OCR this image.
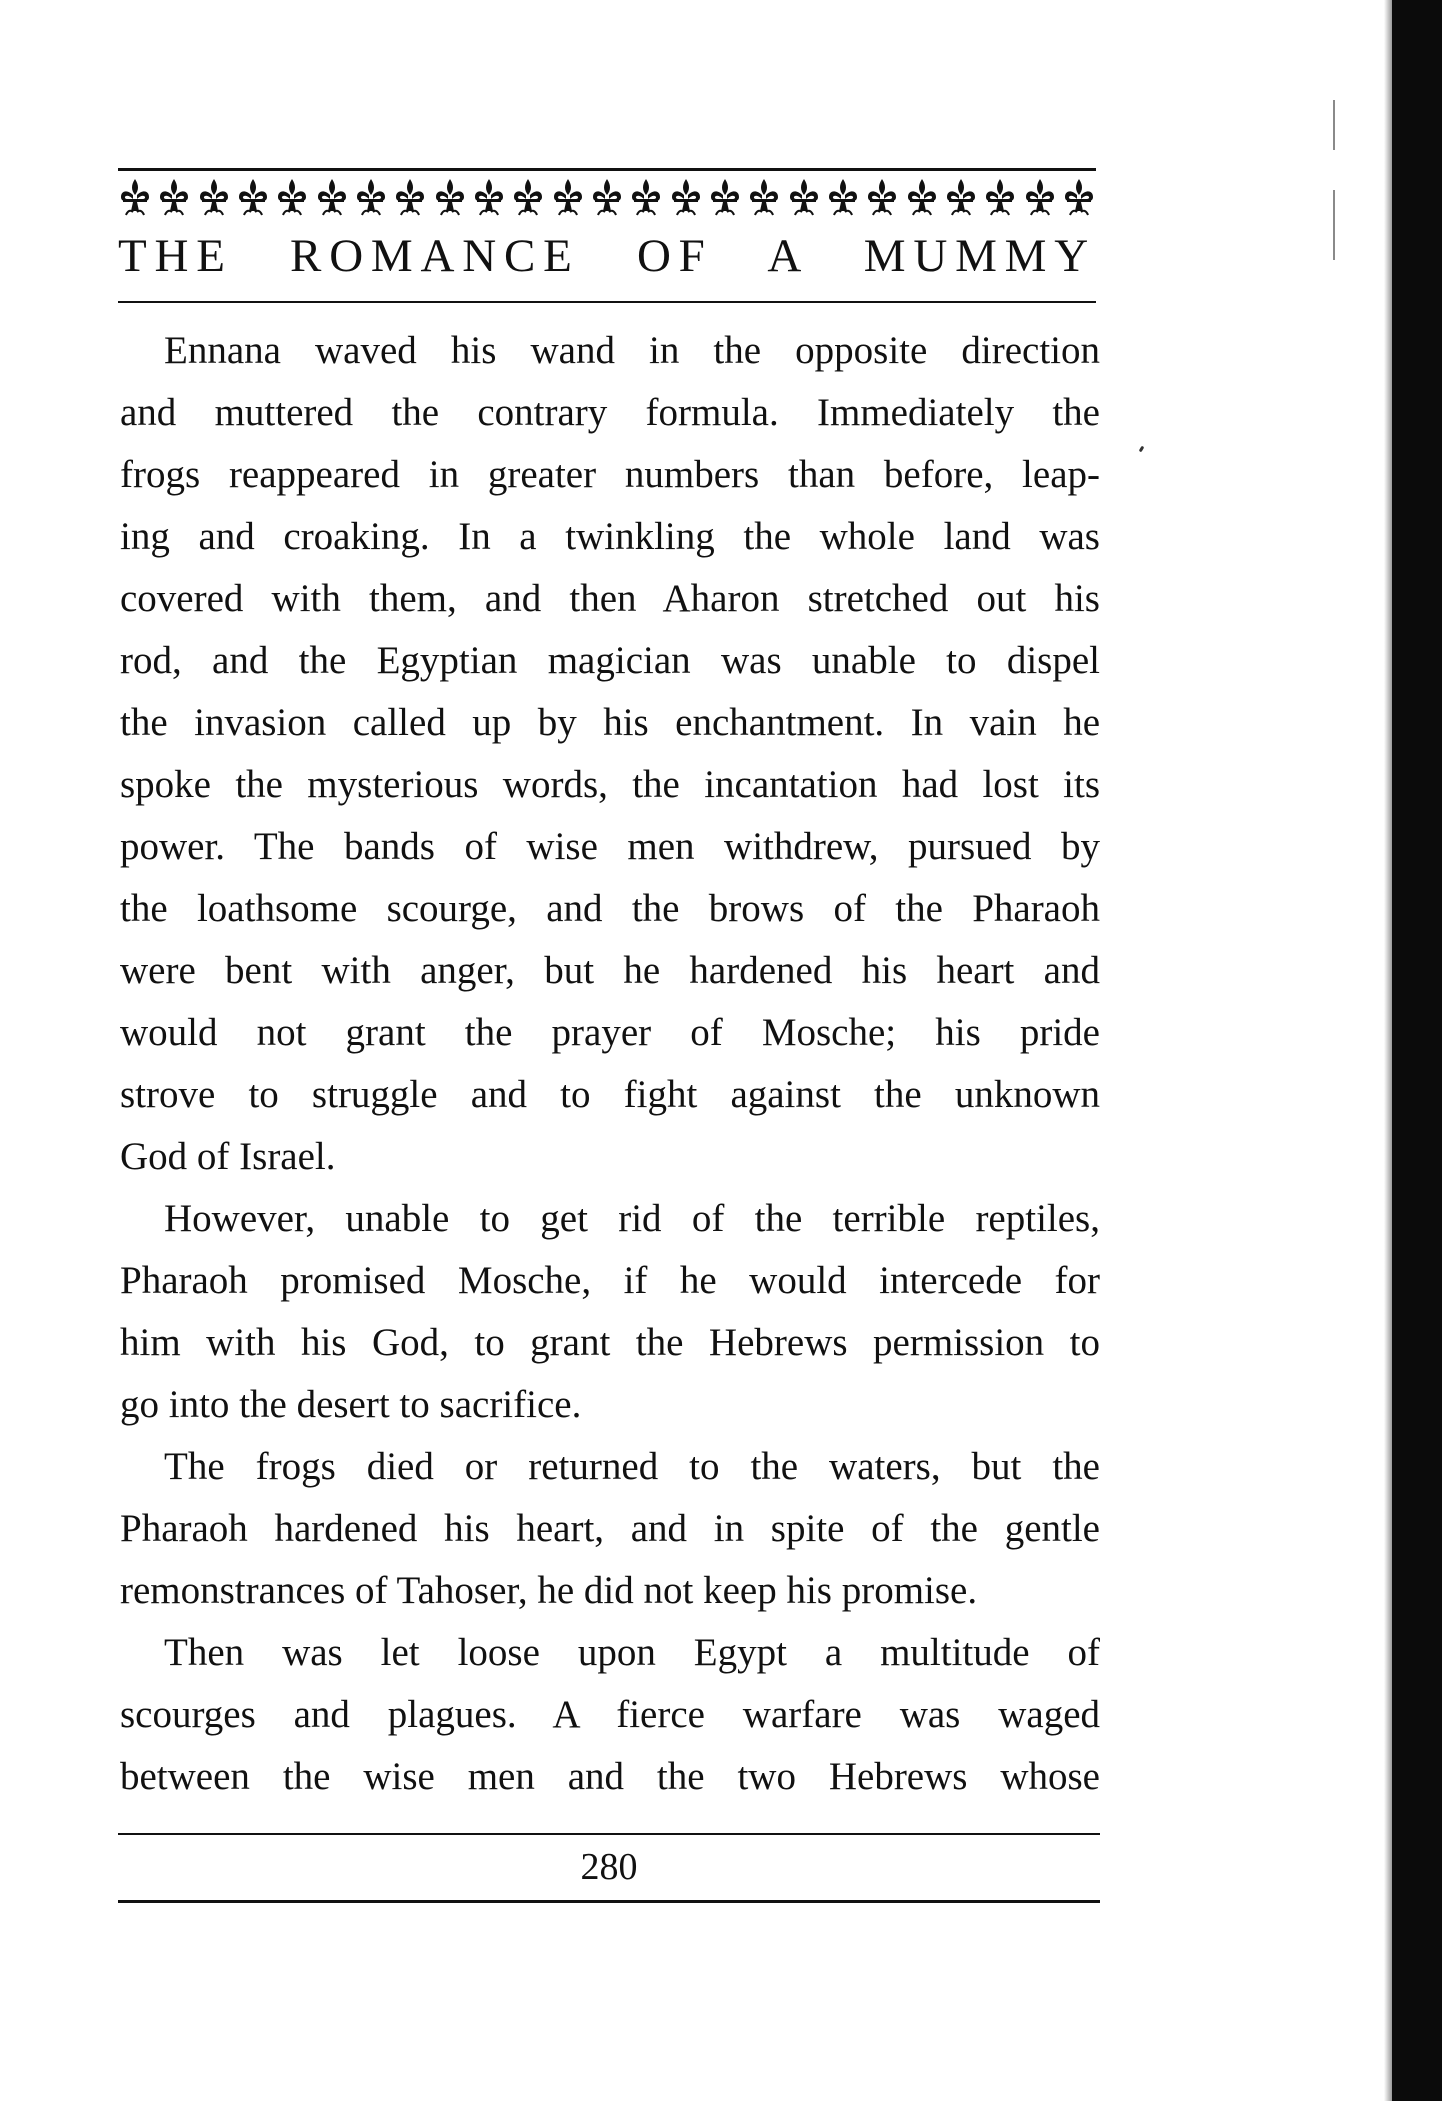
THE ROMANCE OF A MUMMY
Ennana waved his wand in the opposite direction
and muttered the contrary formula. Immediately the
frogs reappeared in greater numbers than before, leap-
ing and croaking. In a twinkling the whole land was
covered with them, and then Aharon stretched out his
rod, and the Egyptian magician was unable to dispel
the invasion called up by his enchantment. In vain he
spoke the mysterious words, the incantation had lost its
power. The bands of wise men withdrew, pursued by
the loathsome scourge, and the brows of the Pharaoh
were bent with anger, but he hardened his heart and
would not grant the prayer of Mosche; his pride
strove to struggle and to fight against the unknown
God of Israel.
However, unable to get rid of the terrible reptiles,
Pharaoh promised Mosche, if he would intercede for
him with his God, to grant the Hebrews permission to
go into the desert to sacrifice.
The frogs died or returned to the waters, but the
Pharaoh hardened his heart, and in spite of the gentle
remonstrances of Tahoser, he did not keep his promise.
Then was let loose upon Egypt a multitude of
scourges and plagues. A fierce warfare was waged
between the wise men and the two Hebrews whose
280
